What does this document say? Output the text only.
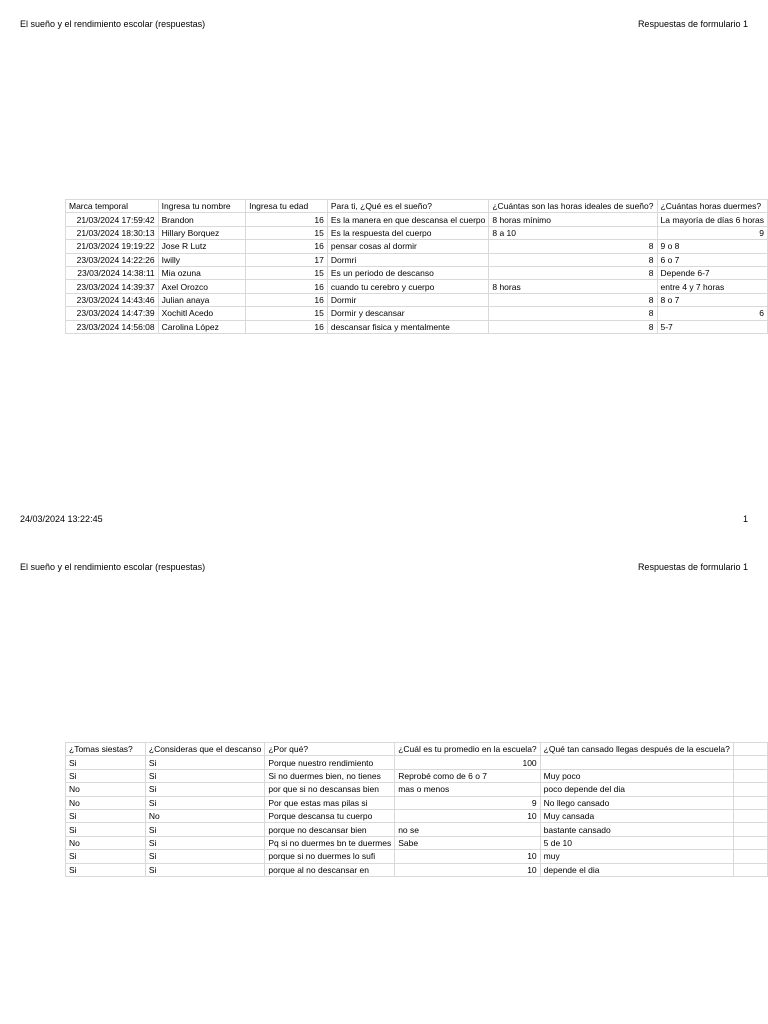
El sueño y el rendimiento escolar (respuestas)	Respuestas de formulario 1
Marca temporal	Ingresa tu nombre	Ingresa tu edad	Para ti, ¿Qué es el sueño?	¿Cuántas son las horas ideales de sueño?	¿Cuántas horas duermes?
21/03/2024 17:59:42	Brandon	16	Es la manera en que descansa el cuerpo	8 horas mínimo	La mayoría de días 6 horas
21/03/2024 18:30:13	Hillary Borquez	15	Es la respuesta del cuerpo	8 a 10	9
21/03/2024 19:19:22	Jose R Lutz	16	pensar cosas al dormir	8	9 o 8
23/03/2024 14:22:26	Iwilly	17	Dormri	8	6 o 7
23/03/2024 14:38:11	Mia ozuna	15	Es un periodo de descanso	8	Depende 6-7
23/03/2024 14:39:37	Axel Orozco	16	cuando tu cerebro y cuerpo	8 horas	entre 4 y 7 horas
23/03/2024 14:43:46	Julian anaya	16	Dormir	8	8 o 7
23/03/2024 14:47:39	Xochitl Acedo	15	Dormir y descansar	8	6
23/03/2024 14:56:08	Carolina López	16	descansar fisica y mentalmente	8	5-7
24/03/2024 13:22:45	1
El sueño y el rendimiento escolar (respuestas)	Respuestas de formulario 1
¿Tomas siestas?	¿Consideras que el descanso	¿Por qué?	¿Cuál es tu promedio en la escuela?	¿Qué tan cansado llegas después de la escuela?	
Si	Si	Porque nuestro rendimiento	100		
Si	Si	Si no duermes bien, no tienes	Reprobé como de 6 o 7	Muy poco	
No	Si	por que si no descansas bien	mas o menos	poco depende del dia	
No	Si	Por que estas mas pilas si	9	No llego cansado	
Si	No	Porque descansa tu cuerpo	10	Muy cansada	
Si	Si	porque no descansar bien	no se	bastante cansado	
No	Si	Pq si no duermes bn te duermes	Sabe	5 de 10	
Si	Si	porque si no duermes lo sufi	10	muy	
Si	Si	porque al no descansar en	10	depende el dia	
